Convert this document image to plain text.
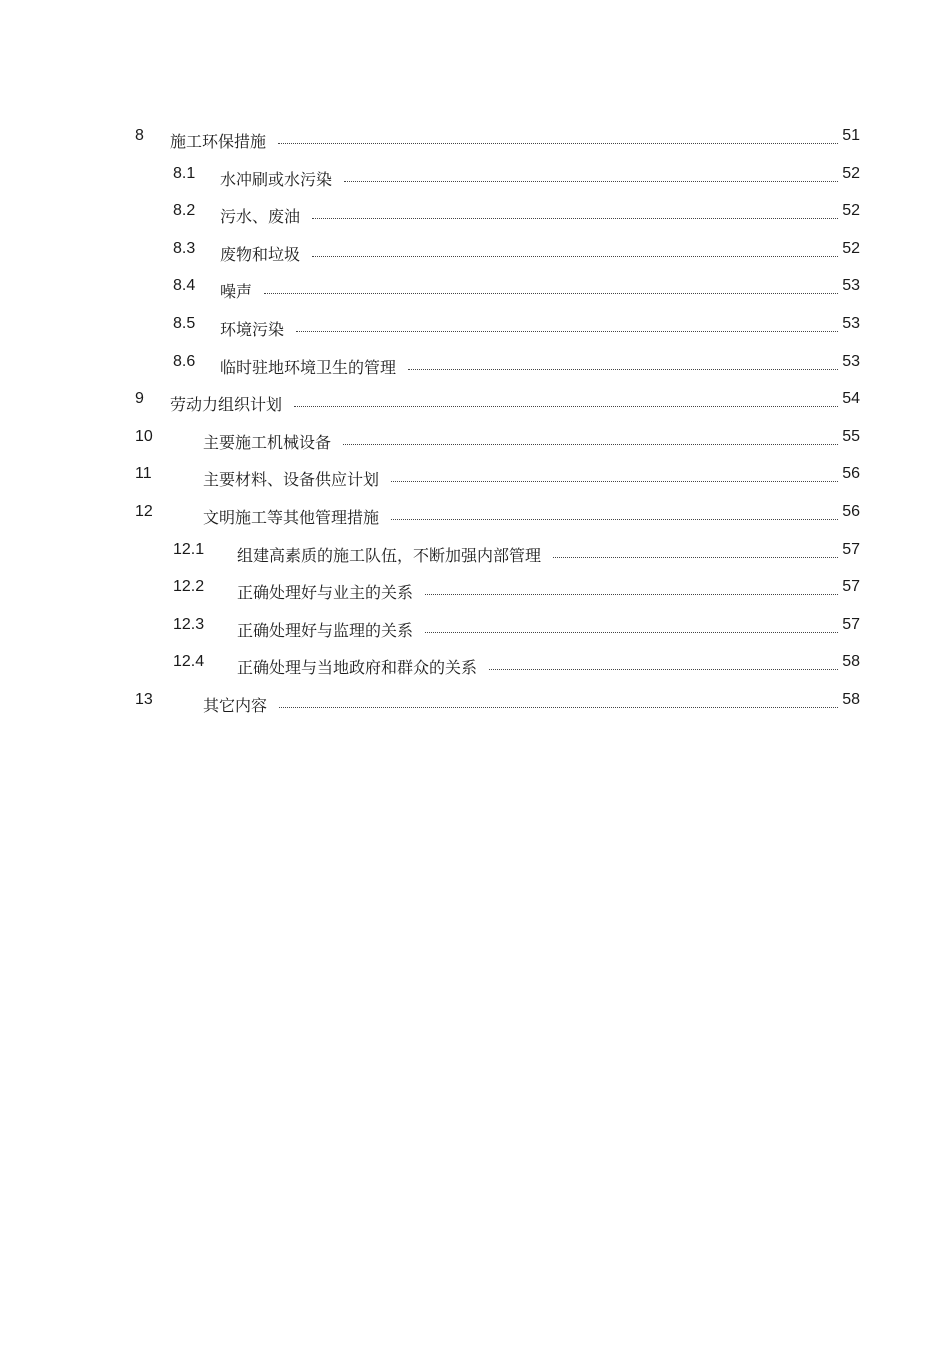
8 施工环保措施	51
8.1 水冲刷或水污染	52
8.2 污水、废油	52
8.3 废物和垃圾	52
8.4 噪声	53
8.5 环境污染	53
8.6 临时驻地环境卫生的管理	53
9 劳动力组织计划	54
10	主要施工机械设备	55
11	主要材料、设备供应计划	56
12	文明施工等其他管理措施	56
12.1 组建高素质的施工队伍，不断加强内部管理	57
12.2 正确处理好与业主的关系	57
12.3 正确处理好与监理的关系	57
12.4 正确处理与当地政府和群众的关系	58
13	其它内容	58
